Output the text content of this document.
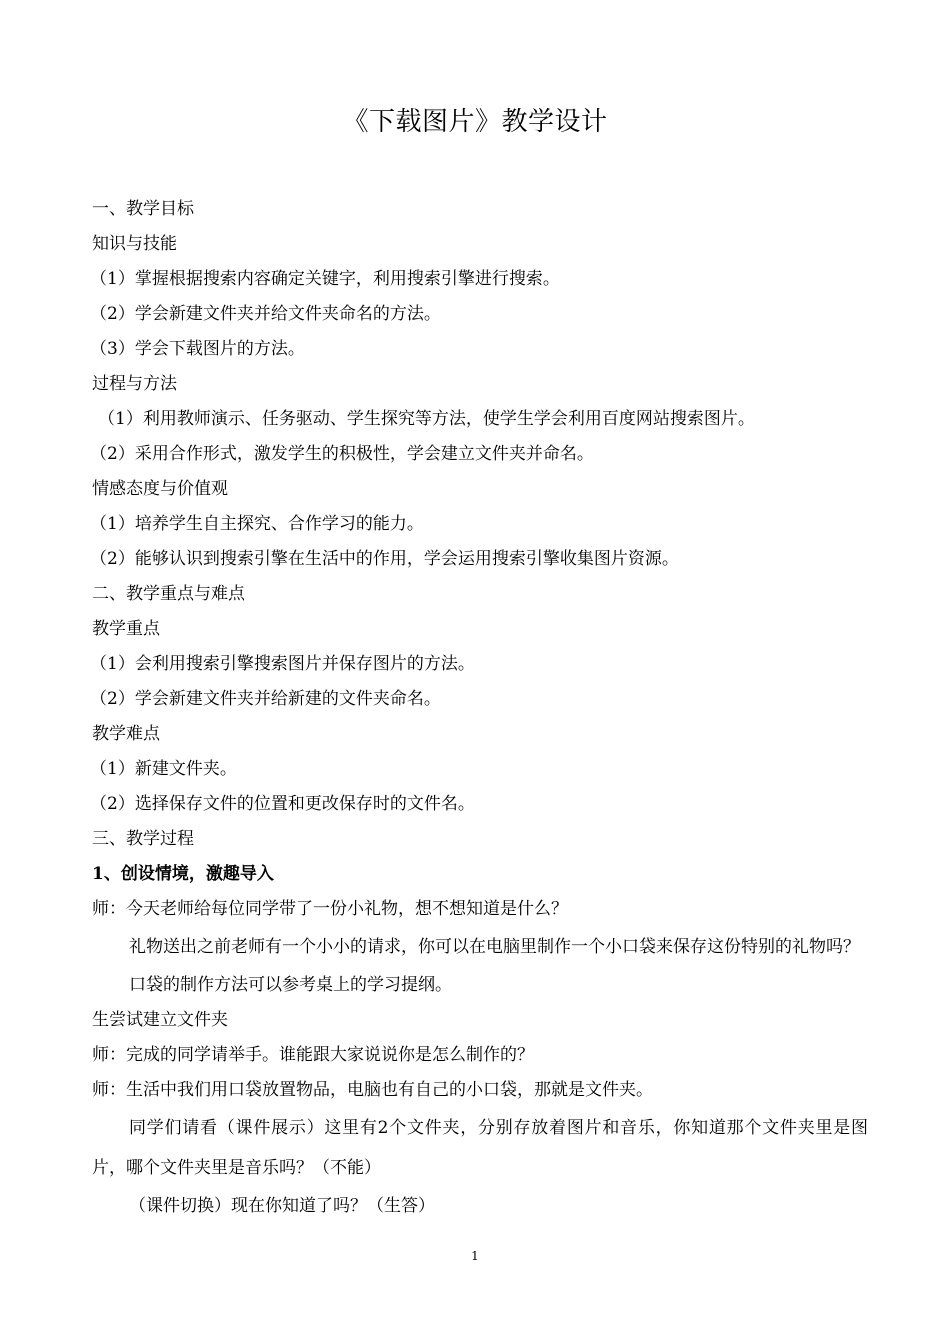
《下载图片》教学设计
一、教学目标
知识与技能
（1）掌握根据搜索内容确定关键字，利用搜索引擎进行搜索。
（2）学会新建文件夹并给文件夹命名的方法。
（3）学会下载图片的方法。
过程与方法
（1）利用教师演示、任务驱动、学生探究等方法，使学生学会利用百度网站搜索图片。
（2）采用合作形式，激发学生的积极性，学会建立文件夹并命名。
情感态度与价值观
（1）培养学生自主探究、合作学习的能力。
（2）能够认识到搜索引擎在生活中的作用，学会运用搜索引擎收集图片资源。
二、教学重点与难点
教学重点
（1）会利用搜索引擎搜索图片并保存图片的方法。
（2）学会新建文件夹并给新建的文件夹命名。
教学难点
（1）新建文件夹。
（2）选择保存文件的位置和更改保存时的文件名。
三、教学过程
1、创设情境，激趣导入
师：今天老师给每位同学带了一份小礼物，想不想知道是什么？
礼物送出之前老师有一个小小的请求，你可以在电脑里制作一个小口袋来保存这份特别的礼物吗？
口袋的制作方法可以参考桌上的学习提纲。
生尝试建立文件夹
师：完成的同学请举手。谁能跟大家说说你是怎么制作的？
师：生活中我们用口袋放置物品，电脑也有自己的小口袋，那就是文件夹。
同学们请看（课件展示）这里有2个文件夹，分别存放着图片和音乐，你知道那个文件夹里是图片，哪个文件夹里是音乐吗？（不能）
（课件切换）现在你知道了吗？（生答）
1
